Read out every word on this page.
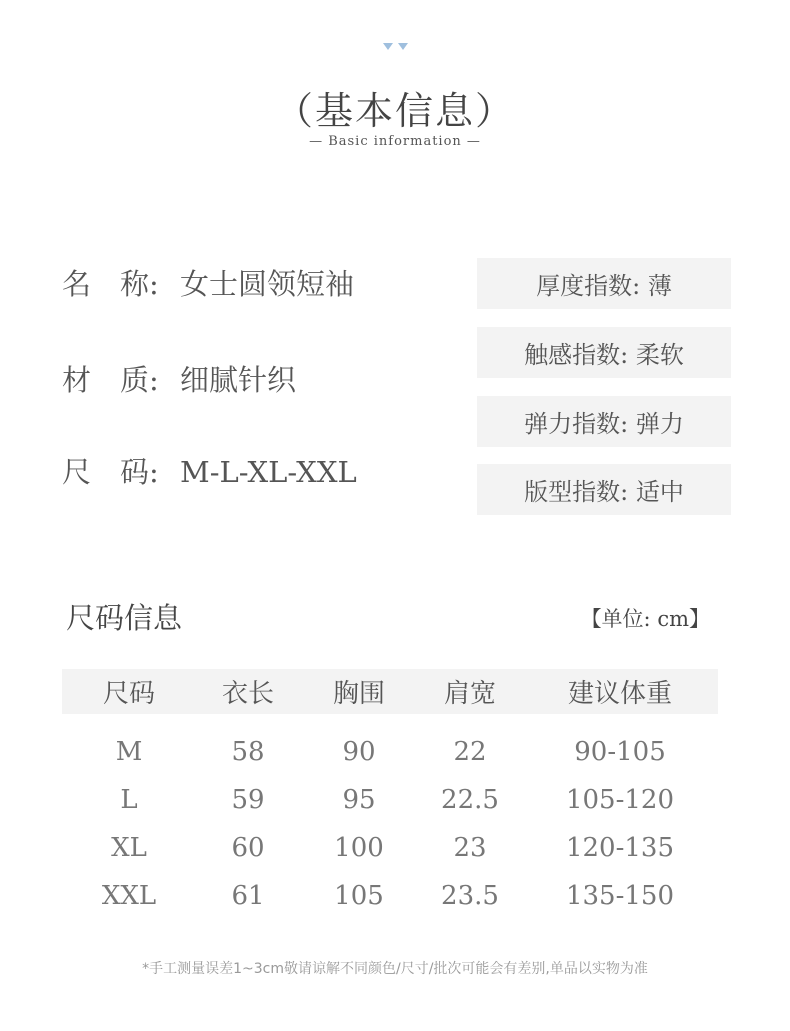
（基本信息）
— Basic information —
名　称: 女士圆领短袖
材　质: 细腻针织
尺　码: M-L-XL-XXL
厚度指数: 薄
触感指数: 柔软
弹力指数: 弹力
版型指数: 适中
尺码信息	【单位: cm】
尺码	衣长	胸围	肩宽	建议体重
M	58	90	22	90-105
L	59	95	22.5	105-120
XL	60	100	23	120-135
XXL	61	105	23.5	135-150
*手工测量误差1~3cm敬请谅解不同颜色/尺寸/批次可能会有差别,单品以实物为准
